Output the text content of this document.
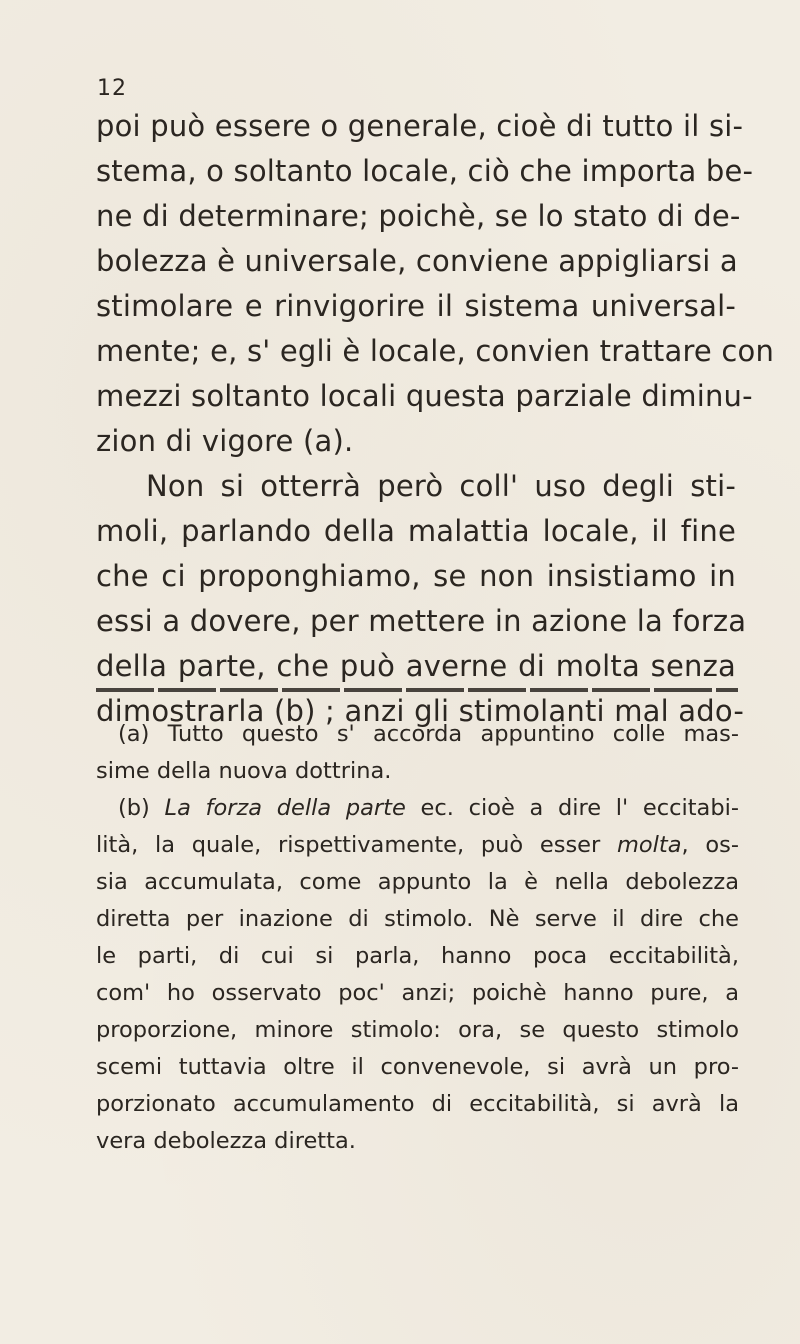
12
poi può essere o generale, cioè di tutto il si-
stema, o soltanto locale, ciò che importa be-
ne di determinare; poichè, se lo stato di de-
bolezza è universale, conviene appigliarsi a
stimolare e rinvigorire il sistema universal-
mente; e, s' egli è locale, convien trattare con
mezzi soltanto locali questa parziale diminu-
zion di vigore (a).
Non si otterrà però coll' uso degli sti-
moli, parlando della malattia locale, il fine
che ci proponghiamo, se non insistiamo in
essi a dovere, per mettere in azione la forza
della parte, che può averne di molta senza
dimostrarla (b) ; anzi gli stimolanti mal ado-
(a) Tutto questo s' accorda appuntino colle mas-
sime della nuova dottrina.
(b) La forza della parte ec. cioè a dire l' eccitabi-
lità, la quale, rispettivamente, può esser molta, os-
sia accumulata, come appunto la è nella debolezza
diretta per inazione di stimolo. Nè serve il dire che
le parti, di cui si parla, hanno poca eccitabilità,
com' ho osservato poc' anzi; poichè hanno pure, a
proporzione, minore stimolo: ora, se questo stimolo
scemi tuttavia oltre il convenevole, si avrà un pro-
porzionato accumulamento di eccitabilità, si avrà la
vera debolezza diretta.
